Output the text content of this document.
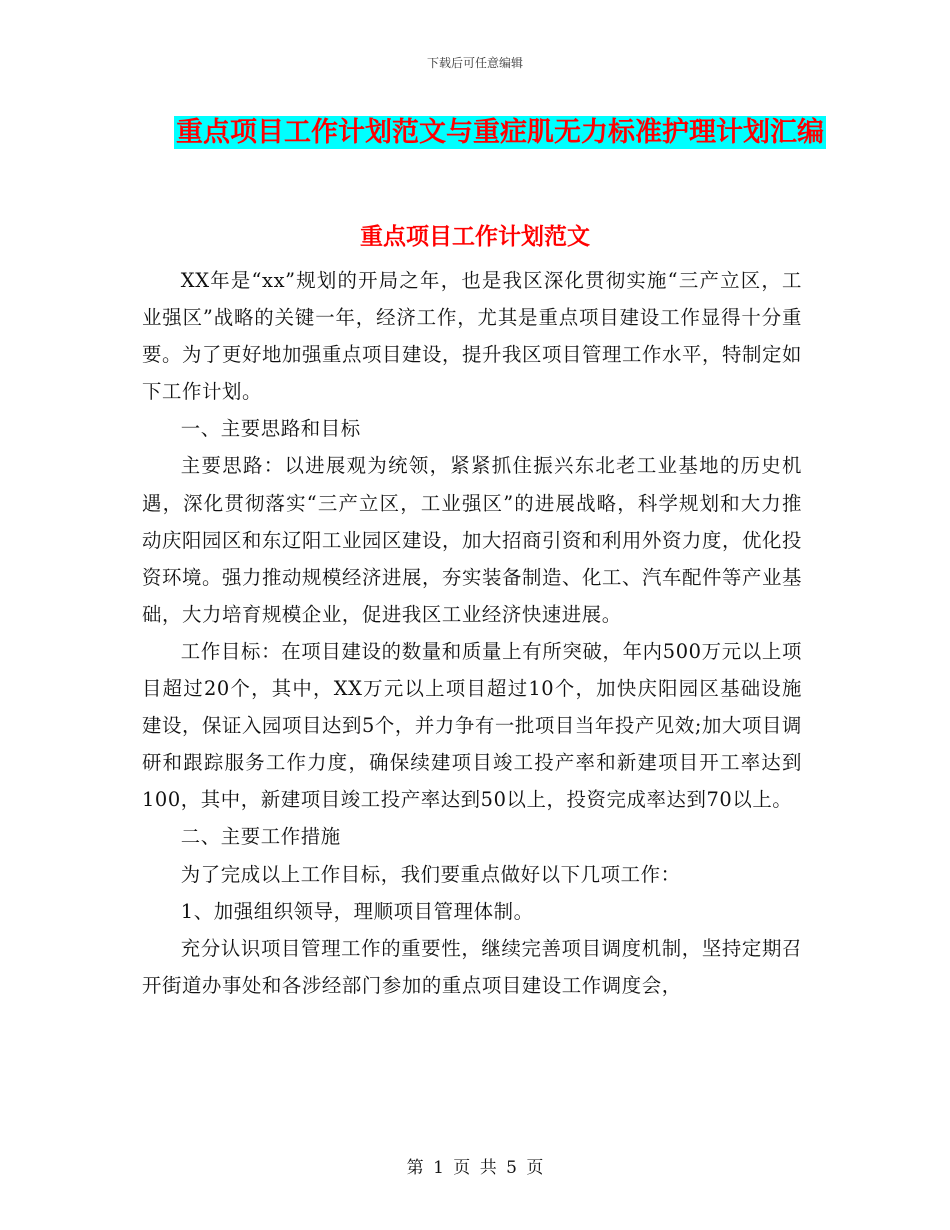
下载后可任意编辑
重点项目工作计划范文与重症肌无力标准护理计划汇编
重点项目工作计划范文

XX年是“xx”规划的开局之年，也是我区深化贯彻实施“三产立区，工业强区”战略的关键一年，经济工作，尤其是重点项目建设工作显得十分重要。为了更好地加强重点项目建设，提升我区项目管理工作水平，特制定如下工作计划。

一、主要思路和目标

主要思路：以进展观为统领，紧紧抓住振兴东北老工业基地的历史机遇，深化贯彻落实“三产立区，工业强区”的进展战略，科学规划和大力推动庆阳园区和东辽阳工业园区建设，加大招商引资和利用外资力度，优化投资环境。强力推动规模经济进展，夯实装备制造、化工、汽车配件等产业基础，大力培育规模企业，促进我区工业经济快速进展。

工作目标：在项目建设的数量和质量上有所突破，年内500万元以上项目超过20个，其中，XX万元以上项目超过10个，加快庆阳园区基础设施建设，保证入园项目达到5个，并力争有一批项目当年投产见效;加大项目调研和跟踪服务工作力度，确保续建项目竣工投产率和新建项目开工率达到100，其中，新建项目竣工投产率达到50以上，投资完成率达到70以上。

二、主要工作措施

为了完成以上工作目标，我们要重点做好以下几项工作：

1、加强组织领导，理顺项目管理体制。

充分认识项目管理工作的重要性，继续完善项目调度机制，坚持定期召开街道办事处和各涉经部门参加的重点项目建设工作调度会，

第 1 页 共 5 页
